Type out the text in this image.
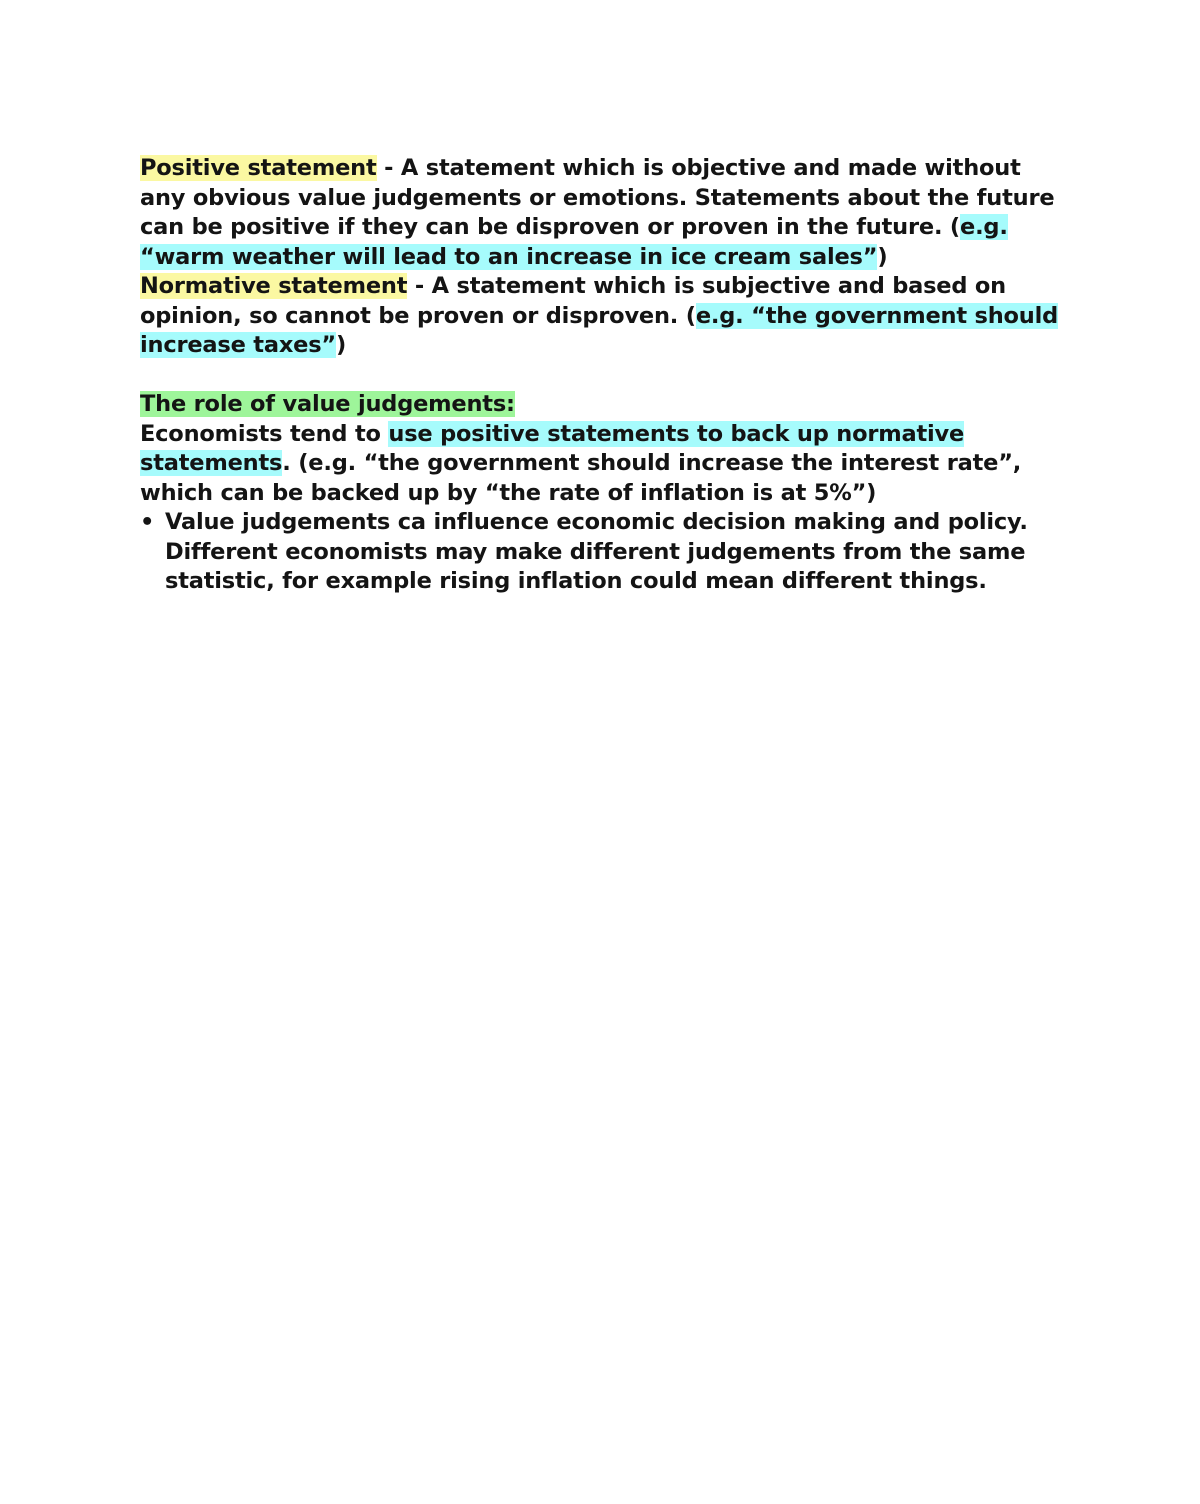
Positive statement - A statement which is objective and made without any obvious value judgements or emotions. Statements about the future can be positive if they can be disproven or proven in the future. (e.g. “warm weather will lead to an increase in ice cream sales”)

Normative statement - A statement which is subjective and based on opinion, so cannot be proven or disproven. (e.g. “the government should increase taxes”)

The role of value judgements:

Economists tend to use positive statements to back up normative statements. (e.g. “the government should increase the interest rate”, which can be backed up by “the rate of inflation is at 5%”)

• Value judgements ca influence economic decision making and policy. Different economists may make different judgements from the same statistic, for example rising inflation could mean different things.
